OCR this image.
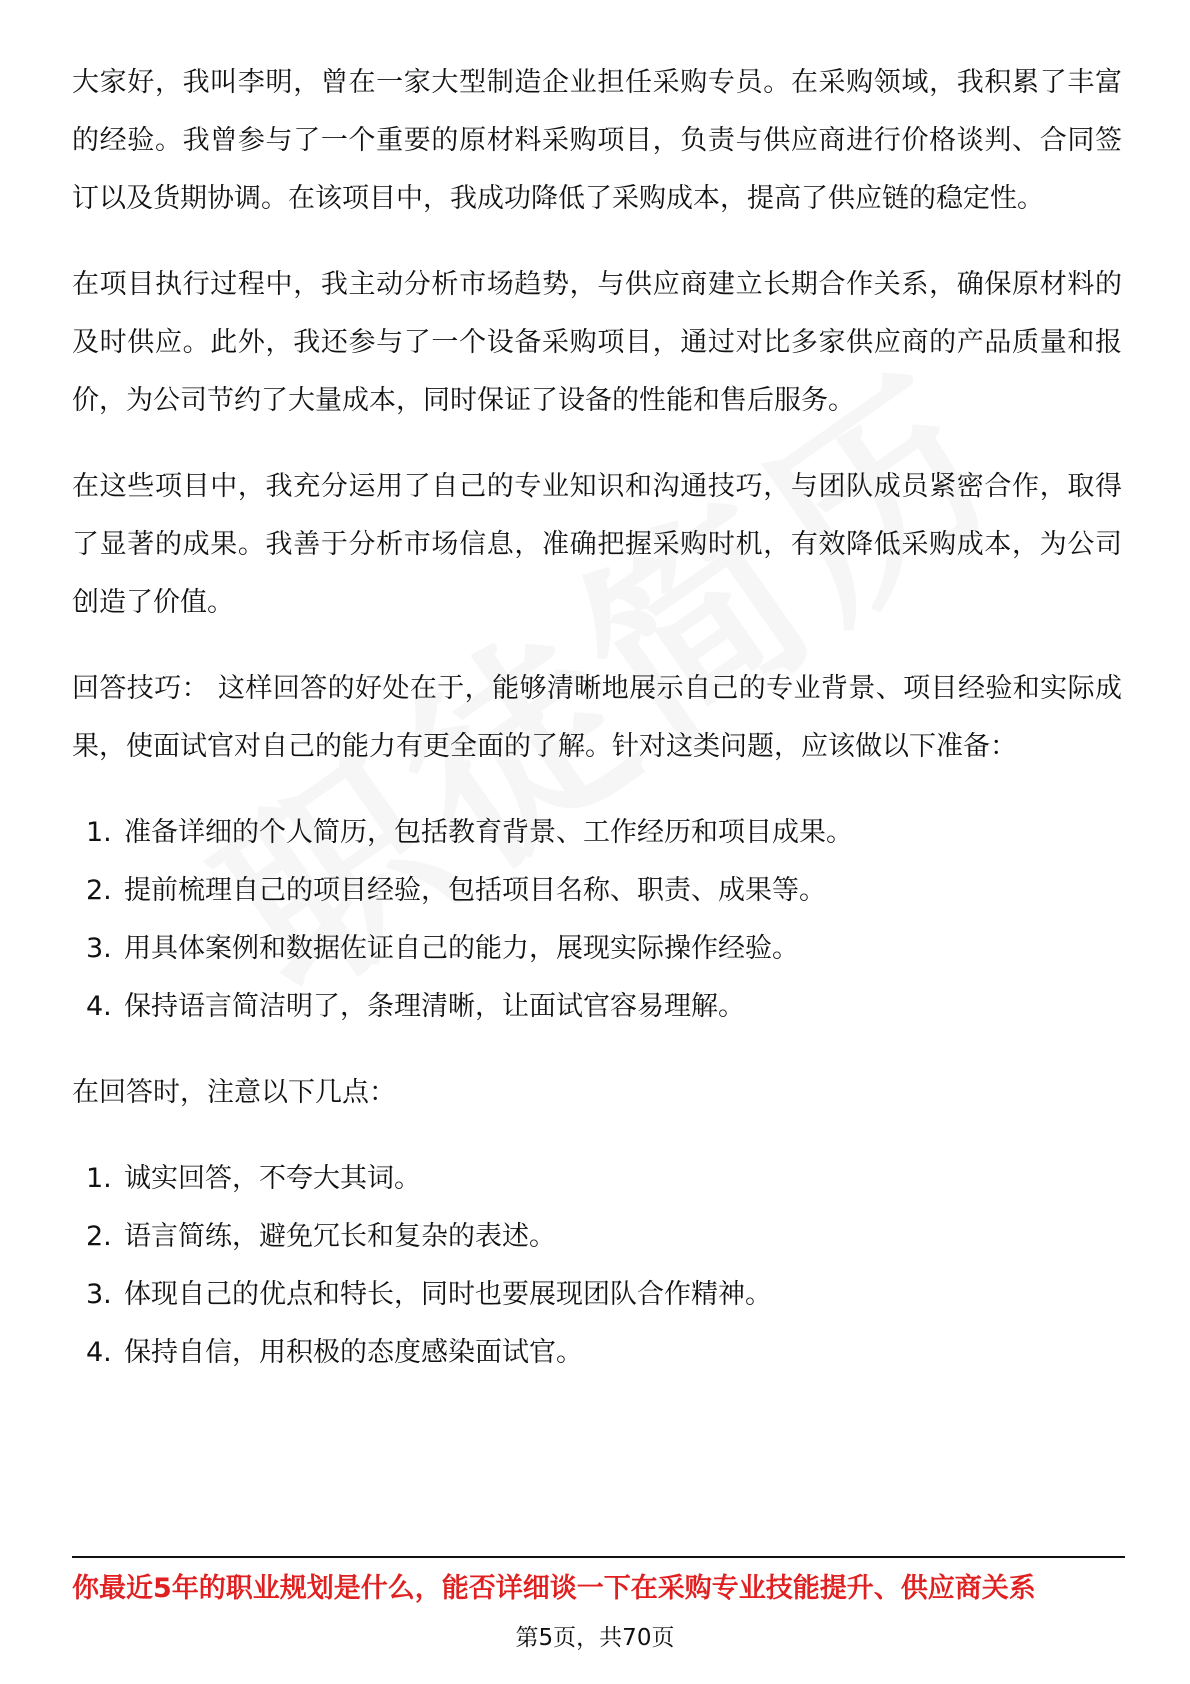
大家好，我叫李明，曾在一家大型制造企业担任采购专员。在采购领域，我积累了丰富的经验。我曾参与了一个重要的原材料采购项目，负责与供应商进行价格谈判、合同签订以及货期协调。在该项目中，我成功降低了采购成本，提高了供应链的稳定性。

在项目执行过程中，我主动分析市场趋势，与供应商建立长期合作关系，确保原材料的及时供应。此外，我还参与了一个设备采购项目，通过对比多家供应商的产品质量和报价，为公司节约了大量成本，同时保证了设备的性能和售后服务。

在这些项目中，我充分运用了自己的专业知识和沟通技巧，与团队成员紧密合作，取得了显著的成果。我善于分析市场信息，准确把握采购时机，有效降低采购成本，为公司创造了价值。

回答技巧： 这样回答的好处在于，能够清晰地展示自己的专业背景、项目经验和实际成果，使面试官对自己的能力有更全面的了解。针对这类问题，应该做以下准备：

1. 准备详细的个人简历，包括教育背景、工作经历和项目成果。
2. 提前梳理自己的项目经验，包括项目名称、职责、成果等。
3. 用具体案例和数据佐证自己的能力，展现实际操作经验。
4. 保持语言简洁明了，条理清晰，让面试官容易理解。

在回答时，注意以下几点：

1. 诚实回答，不夸大其词。
2. 语言简练，避免冗长和复杂的表述。
3. 体现自己的优点和特长，同时也要展现团队合作精神。
4. 保持自信，用积极的态度感染面试官。
你最近5年的职业规划是什么，能否详细谈一下在采购专业技能提升、供应商关系
第5页，共70页
